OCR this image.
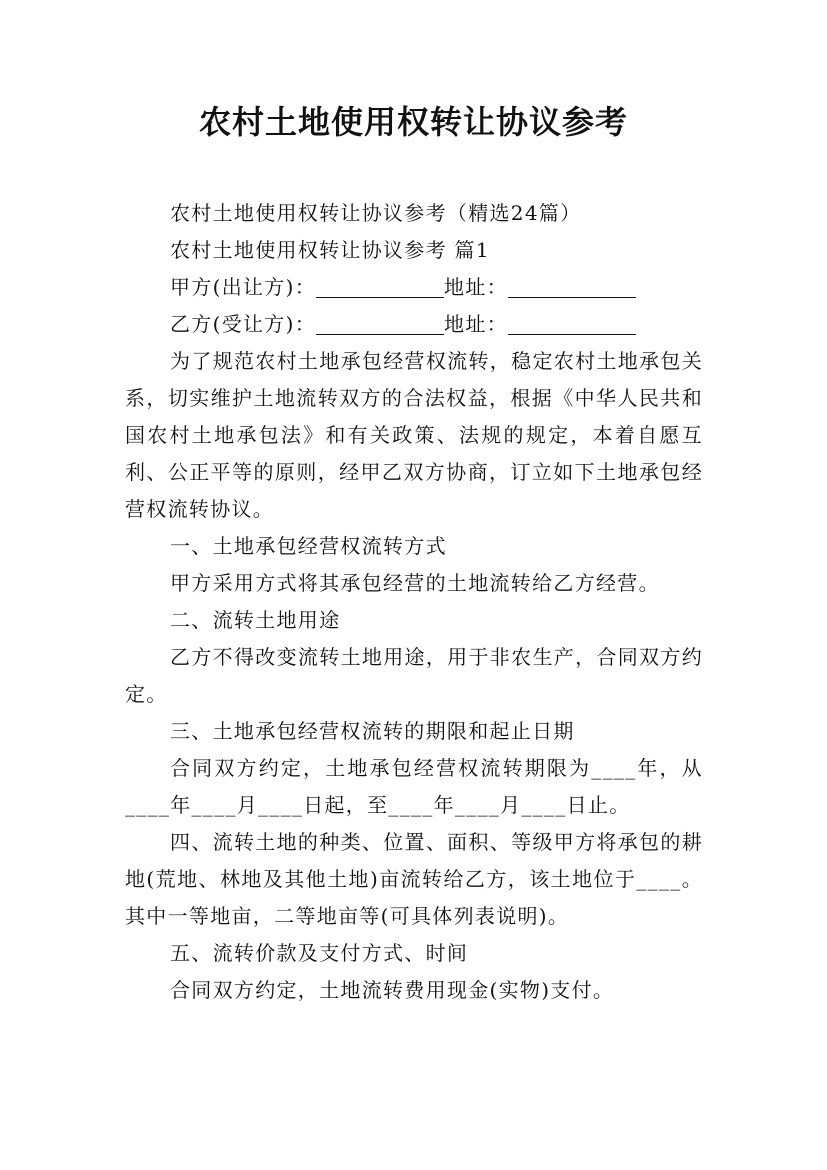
农村土地使用权转让协议参考

农村土地使用权转让协议参考（精选24篇）

农村土地使用权转让协议参考 篇1

甲方(出让方)：	地址：

乙方(受让方)：	地址：

为了规范农村土地承包经营权流转，稳定农村土地承包关系，切实维护土地流转双方的合法权益，根据《中华人民共和国农村土地承包法》和有关政策、法规的规定，本着自愿互利、公正平等的原则，经甲乙双方协商，订立如下土地承包经营权流转协议。

一、土地承包经营权流转方式

甲方采用方式将其承包经营的土地流转给乙方经营。

二、流转土地用途

乙方不得改变流转土地用途，用于非农生产，合同双方约定。

三、土地承包经营权流转的期限和起止日期

合同双方约定，土地承包经营权流转期限为____年，从____年____月____日起，至____年____月____日止。

四、流转土地的种类、位置、面积、等级甲方将承包的耕地(荒地、林地及其他土地)亩流转给乙方，该土地位于____。其中一等地亩，二等地亩等(可具体列表说明)。

五、流转价款及支付方式、时间

合同双方约定，土地流转费用现金(实物)支付。
